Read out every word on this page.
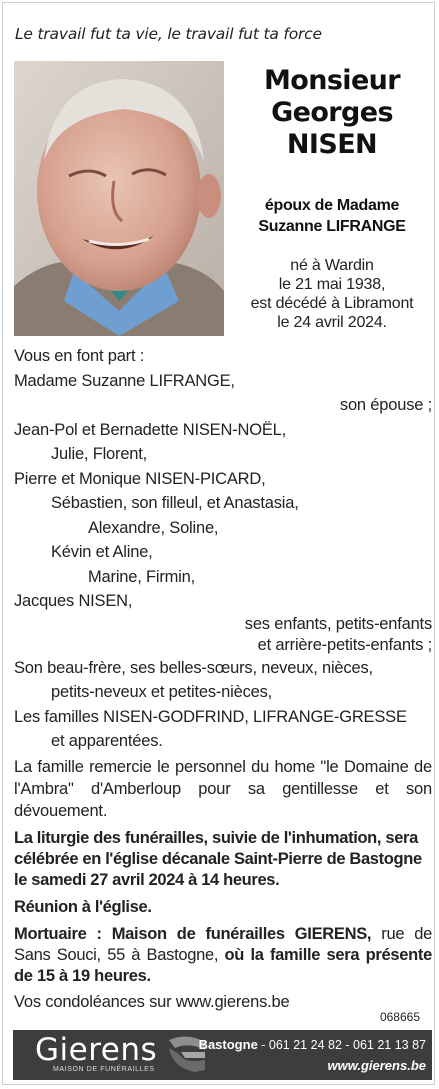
Le travail fut ta vie, le travail fut ta force
Monsieur
Georges
NISEN
époux de Madame
Suzanne LIFRANGE
né à Wardin
le 21 mai 1938,
est décédé à Libramont
le 24 avril 2024.
Vous en font part :
Madame Suzanne LIFRANGE,
son épouse ;
Jean-Pol et Bernadette NISEN-NOËL,
Julie, Florent,
Pierre et Monique NISEN-PICARD,
Sébastien, son filleul, et Anastasia,
Alexandre, Soline,
Kévin et Aline,
Marine, Firmin,
Jacques NISEN,
ses enfants, petits-enfants
et arrière-petits-enfants ;
Son beau-frère, ses belles-sœurs, neveux, nièces,
petits-neveux et petites-nièces,
Les familles NISEN-GODFRIND, LIFRANGE-GRESSE
et apparentées.
La famille remercie le personnel du home "le Domaine de l'Ambra" d'Amberloup pour sa gentillesse et son dévouement.
La liturgie des funérailles, suivie de l'inhumation, sera célébrée en l'église décanale Saint-Pierre de Bastogne le samedi 27 avril 2024 à 14 heures.
Réunion à l'église.
Mortuaire : Maison de funérailles GIERENS, rue de Sans Souci, 55 à Bastogne, où la famille sera présente de 15 à 19 heures.
Vos condoléances sur www.gierens.be
068665
Gierens
MAISON DE FUNÉRAILLES
Bastogne - 061 21 24 82 - 061 21 13 87
www.gierens.be
